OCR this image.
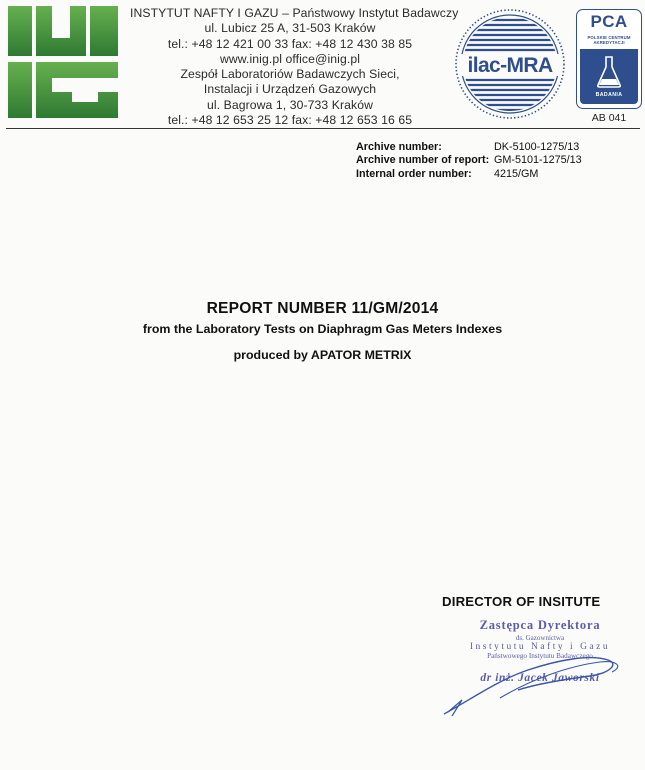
INSTYTUT NAFTY I GAZU – Państwowy Instytut Badawczy
ul. Lubicz 25 A, 31-503 Kraków
tel.: +48 12 421 00 33 fax: +48 12 430 38 85
www.inig.pl office@inig.pl
Zespół Laboratoriów Badawczych Sieci,
Instalacji i Urządzeń Gazowych
ul. Bagrowa 1, 30-733 Kraków
tel.: +48 12 653 25 12 fax: +48 12 653 16 65
ilac-MRA
PCA
POLSKIE CENTRUM
AKREDYTACJI
BADANIA
AB 041
Archive number:	DK-5100-1275/13
Archive number of report: GM-5101-1275/13
Internal order number:	4215/GM
REPORT NUMBER 11/GM/2014
from the Laboratory Tests on Diaphragm Gas Meters Indexes
produced by APATOR METRIX
DIRECTOR OF INSITUTE
Zastępca Dyrektora
ds. Gazownictwa
Instytutu Nafty i Gazu
Państwowego Instytutu Badawczego
dr inż. Jacek Jaworski
